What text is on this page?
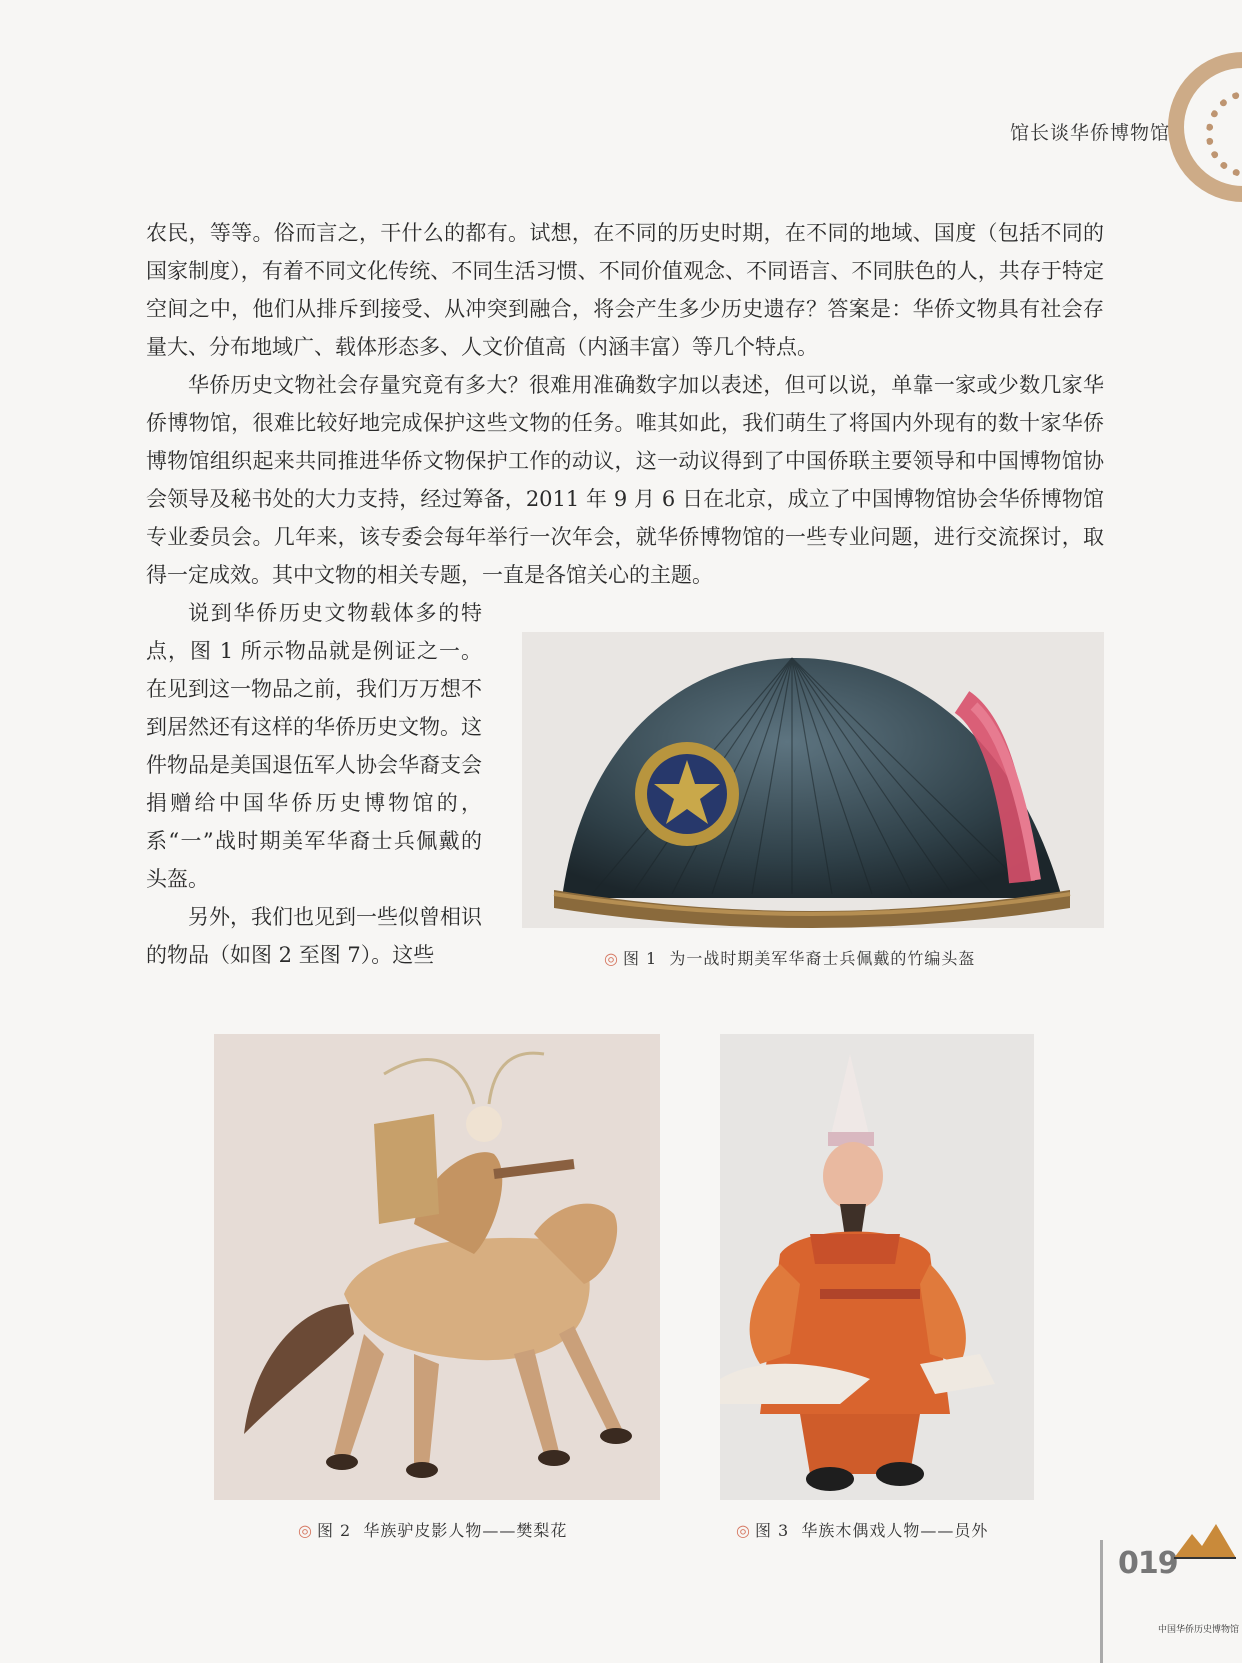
馆长谈华侨博物馆

农民，等等。俗而言之，干什么的都有。试想，在不同的历史时期，在不同的地域、国度（包括不同的国家制度），有着不同文化传统、不同生活习惯、不同价值观念、不同语言、不同肤色的人，共存于特定空间之中，他们从排斥到接受、从冲突到融合，将会产生多少历史遗存？答案是：华侨文物具有社会存量大、分布地域广、载体形态多、人文价值高（内涵丰富）等几个特点。

华侨历史文物社会存量究竟有多大？很难用准确数字加以表述，但可以说，单靠一家或少数几家华侨博物馆，很难比较好地完成保护这些文物的任务。唯其如此，我们萌生了将国内外现有的数十家华侨博物馆组织起来共同推进华侨文物保护工作的动议，这一动议得到了中国侨联主要领导和中国博物馆协会领导及秘书处的大力支持，经过筹备，2011 年 9 月 6 日在北京，成立了中国博物馆协会华侨博物馆专业委员会。几年来，该专委会每年举行一次年会，就华侨博物馆的一些专业问题，进行交流探讨，取得一定成效。其中文物的相关专题，一直是各馆关心的主题。

说到华侨历史文物载体多的特点，图 1 所示物品就是例证之一。在见到这一物品之前，我们万万想不到居然还有这样的华侨历史文物。这件物品是美国退伍军人协会华裔支会捐赠给中国华侨历史博物馆的，系“一”战时期美军华裔士兵佩戴的头盔。

另外，我们也见到一些似曾相识的物品（如图 2 至图 7）。这些	◎ 图 1 为一战时期美军华裔士兵佩戴的竹编头盔
◎ 图 2 华族驴皮影人物——樊梨花	◎ 图 3 华族木偶戏人物——员外
019
中国华侨历史博物馆
